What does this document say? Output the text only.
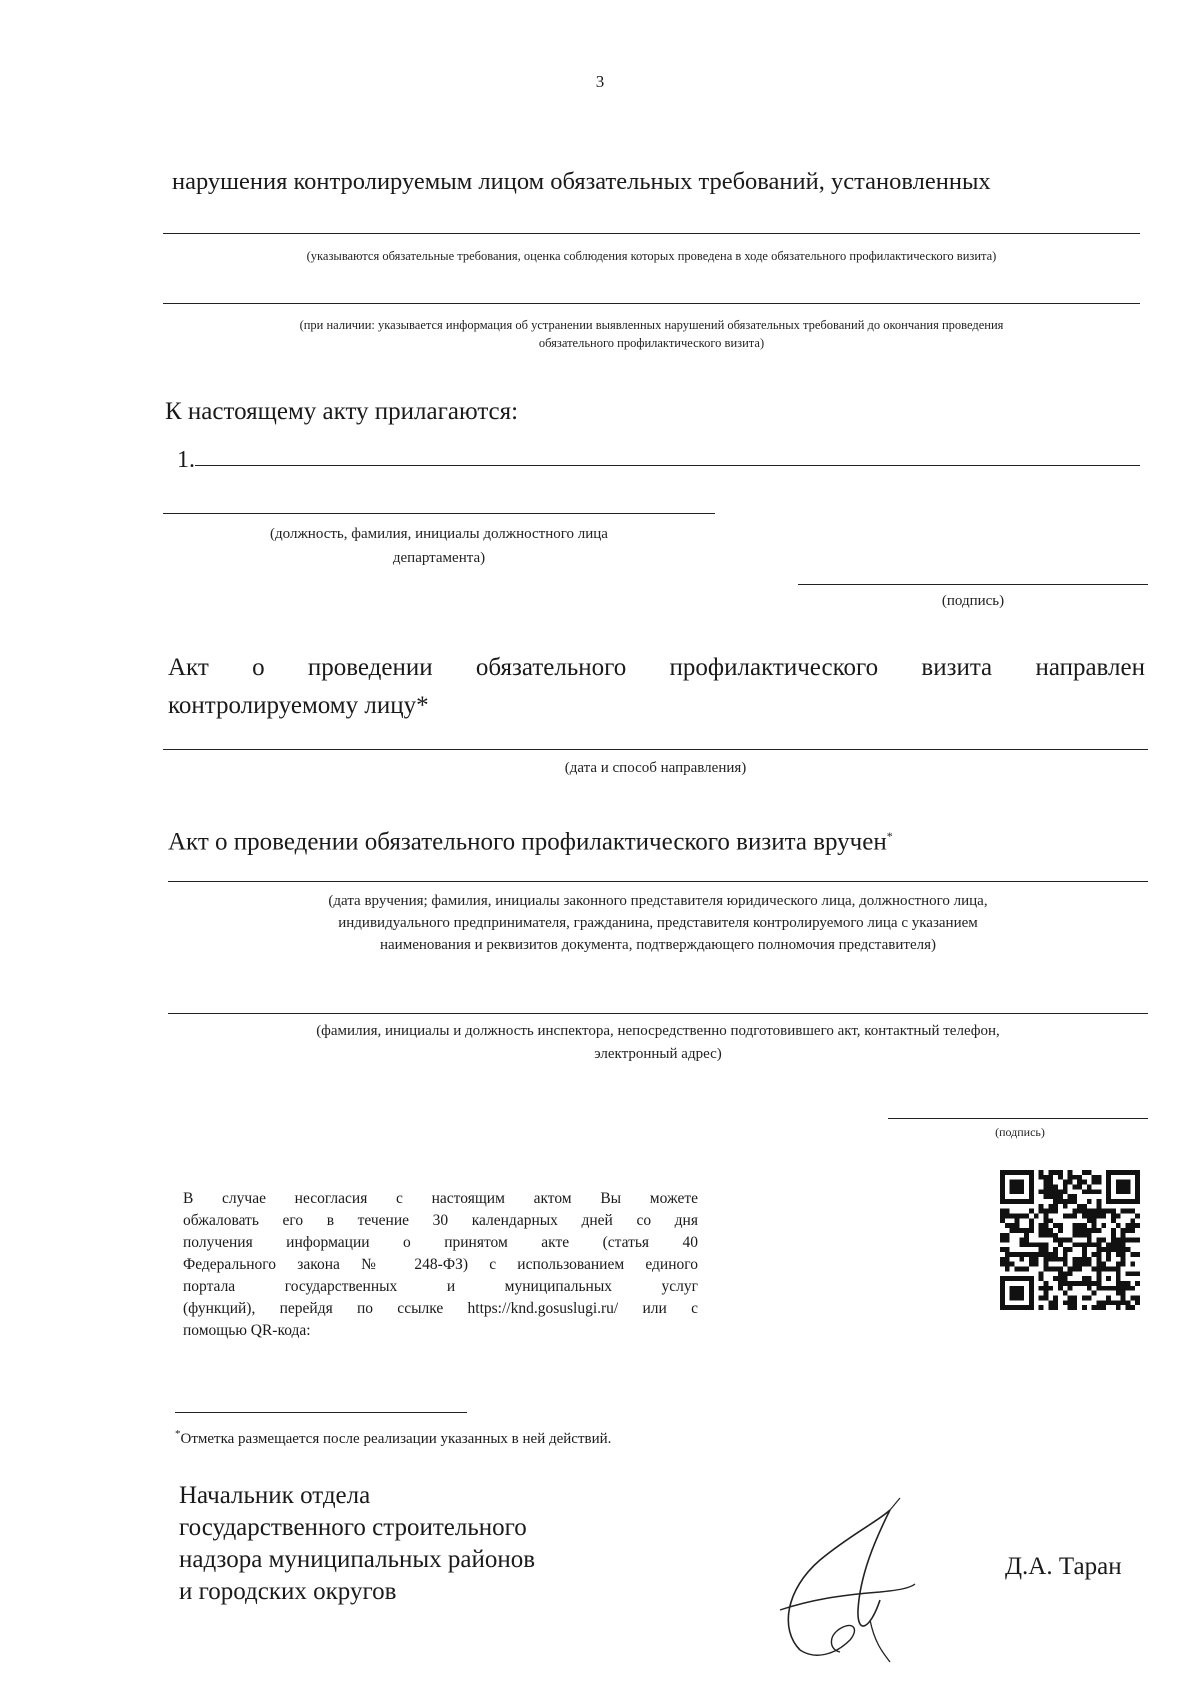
3
нарушения контролируемым лицом обязательных требований, установленных
(указываются обязательные требования, оценка соблюдения которых проведена в ходе обязательного профилактического визита)
(при наличии: указывается информация об устранении выявленных нарушений обязательных требований до окончания проведения
обязательного профилактического визита)
К настоящему акту прилагаются:
1.
(должность, фамилия, инициалы должностного лица
департамента)
(подпись)
Акт о проведении обязательного профилактического визита направлен
контролируемому лицу*
(дата и способ направления)
Акт о проведении обязательного профилактического визита вручен*
(дата вручения; фамилия, инициалы законного представителя юридического лица, должностного лица,
индивидуального предпринимателя, гражданина, представителя контролируемого лица с указанием
наименования и реквизитов документа, подтверждающего полномочия представителя)
(фамилия, инициалы и должность инспектора, непосредственно подготовившего акт, контактный телефон,
электронный адрес)
(подпись)
В случае несогласия с настоящим актом Вы можете
обжаловать его в течение 30 календарных дней со дня
получения информации о принятом акте (статья 40
Федерального закона № 248-ФЗ) с использованием единого
портала государственных и муниципальных услуг
(функций), перейдя по ссылке https://knd.gosuslugi.ru/ или с
помощью QR-кода:
*Отметка размещается после реализации указанных в ней действий.
Начальник отдела
государственного строительного
надзора муниципальных районов
и городских округов
Д.А. Таран
